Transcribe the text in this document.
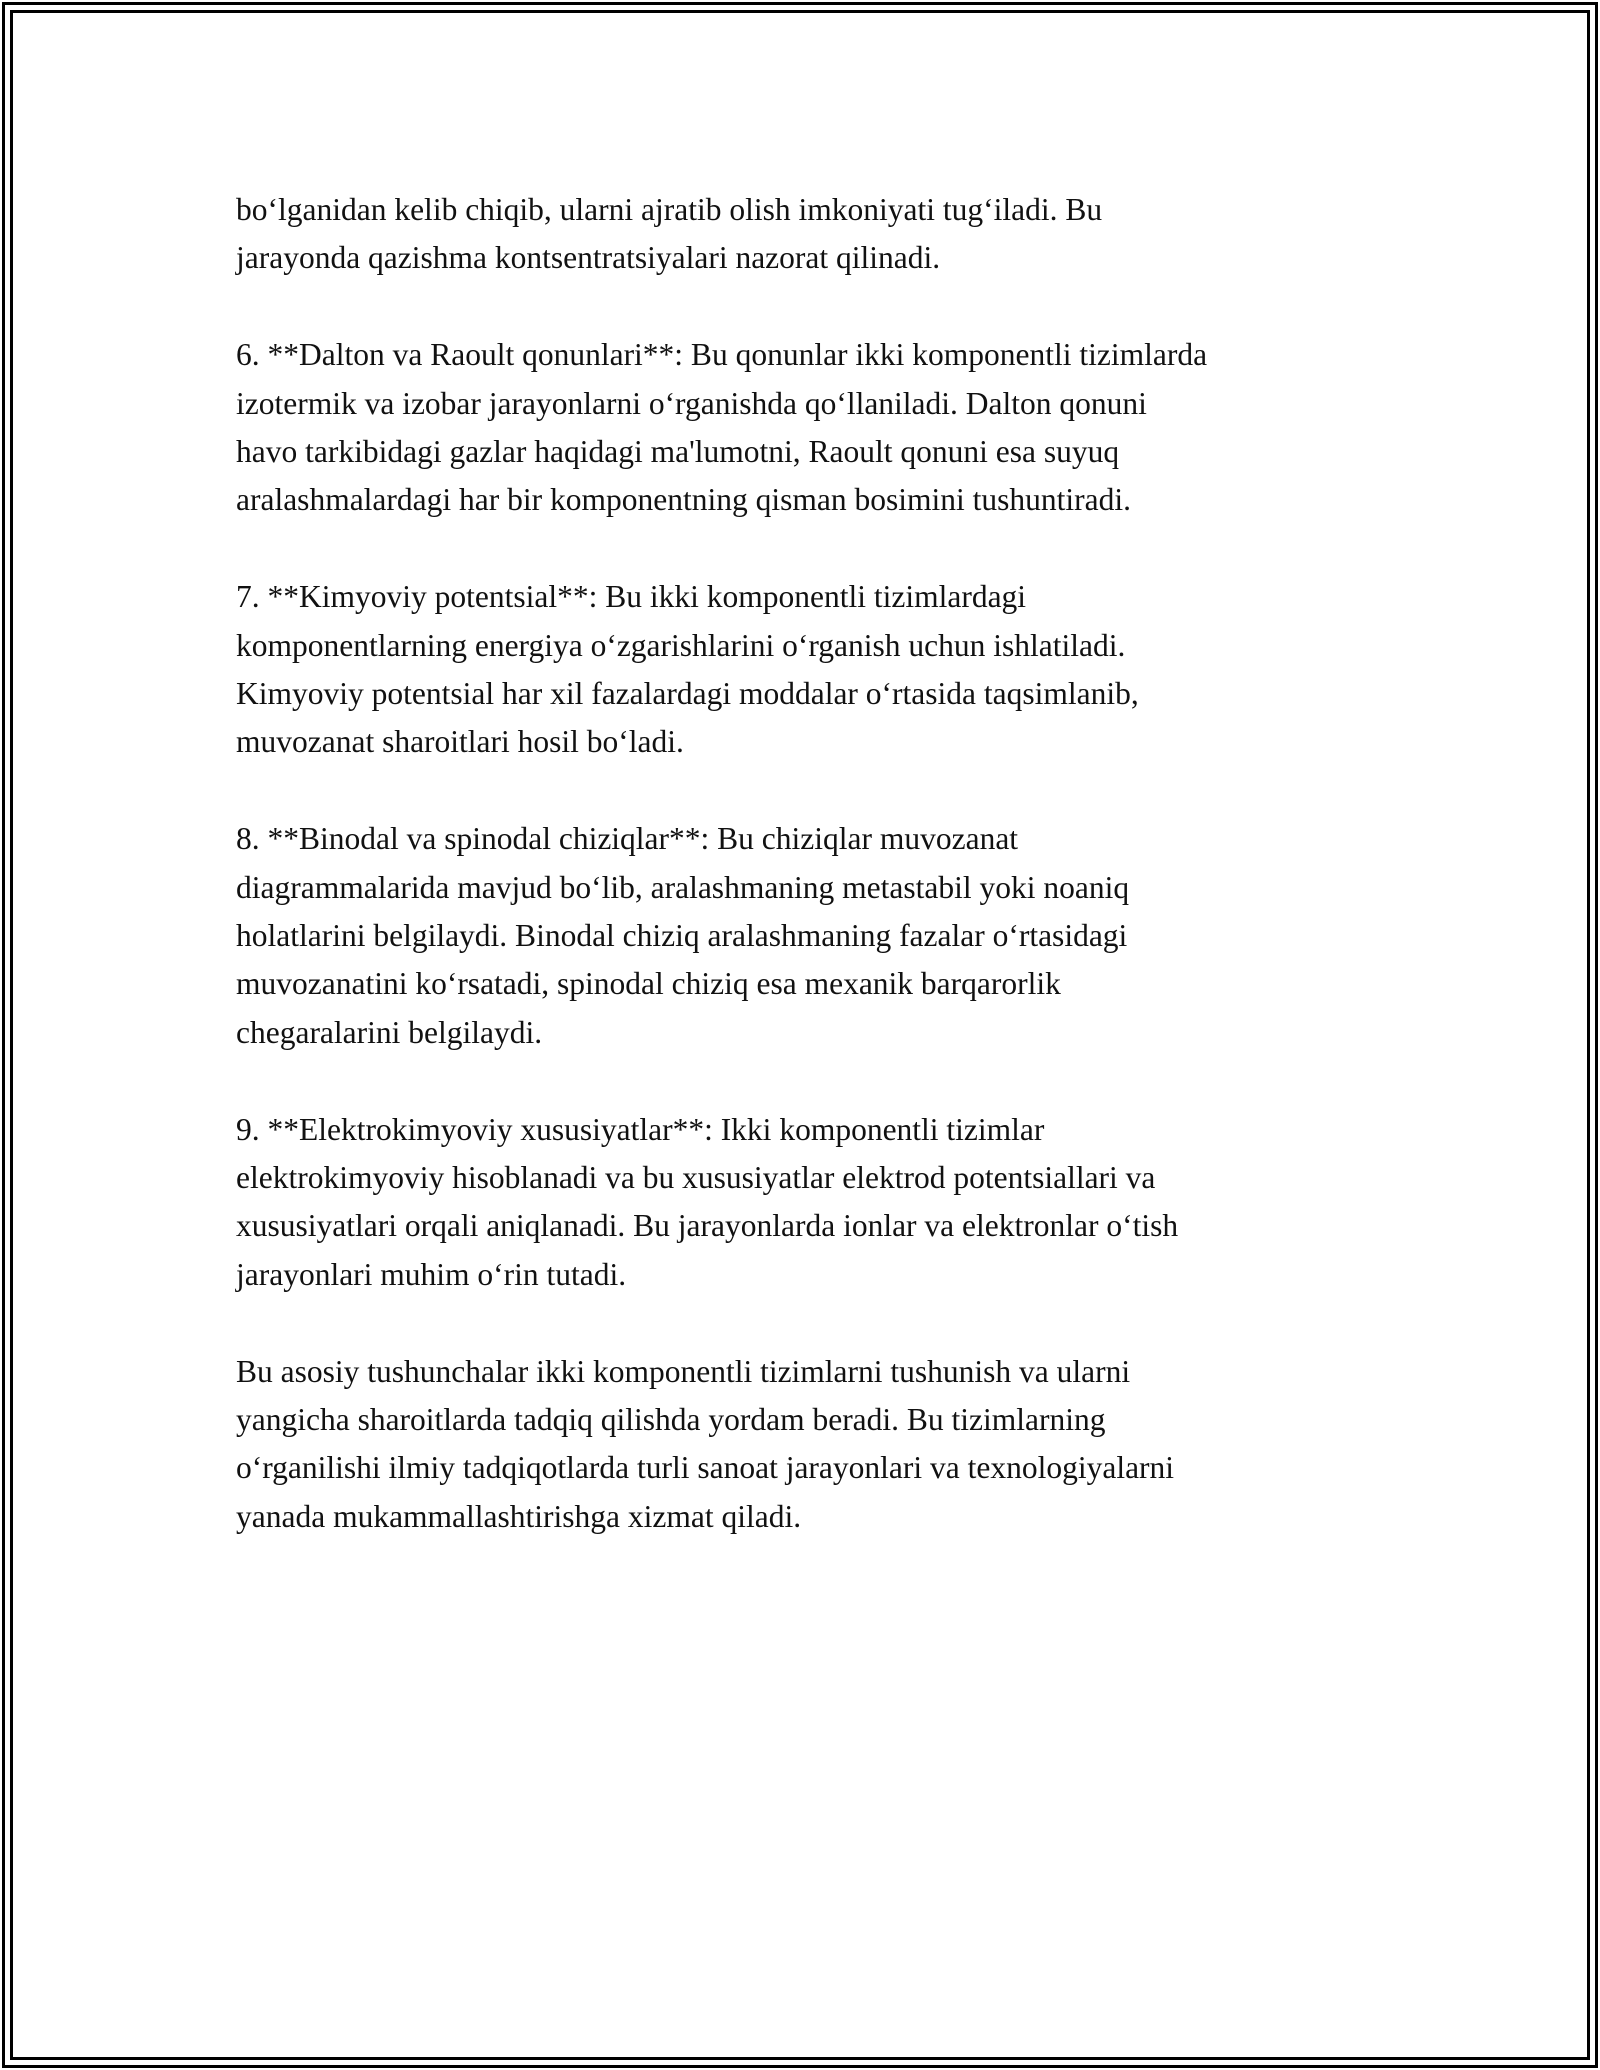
bo‘lganidan kelib chiqib, ularni ajratib olish imkoniyati tug‘iladi. Bu
jarayonda qazishma kontsentratsiyalari nazorat qilinadi.

6. **Dalton va Raoult qonunlari**: Bu qonunlar ikki komponentli tizimlarda
izotermik va izobar jarayonlarni o‘rganishda qo‘llaniladi. Dalton qonuni
havo tarkibidagi gazlar haqidagi ma'lumotni, Raoult qonuni esa suyuq
aralashmalardagi har bir komponentning qisman bosimini tushuntiradi.

7. **Kimyoviy potentsial**: Bu ikki komponentli tizimlardagi
komponentlarning energiya o‘zgarishlarini o‘rganish uchun ishlatiladi.
Kimyoviy potentsial har xil fazalardagi moddalar o‘rtasida taqsimlanib,
muvozanat sharoitlari hosil bo‘ladi.

8. **Binodal va spinodal chiziqlar**: Bu chiziqlar muvozanat
diagrammalarida mavjud bo‘lib, aralashmaning metastabil yoki noaniq
holatlarini belgilaydi. Binodal chiziq aralashmaning fazalar o‘rtasidagi
muvozanatini ko‘rsatadi, spinodal chiziq esa mexanik barqarorlik
chegaralarini belgilaydi.

9. **Elektrokimyoviy xususiyatlar**: Ikki komponentli tizimlar
elektrokimyoviy hisoblanadi va bu xususiyatlar elektrod potentsiallari va
xususiyatlari orqali aniqlanadi. Bu jarayonlarda ionlar va elektronlar o‘tish
jarayonlari muhim o‘rin tutadi.

Bu asosiy tushunchalar ikki komponentli tizimlarni tushunish va ularni
yangicha sharoitlarda tadqiq qilishda yordam beradi. Bu tizimlarning
o‘rganilishi ilmiy tadqiqotlarda turli sanoat jarayonlari va texnologiyalarni
yanada mukammallashtirishga xizmat qiladi.
